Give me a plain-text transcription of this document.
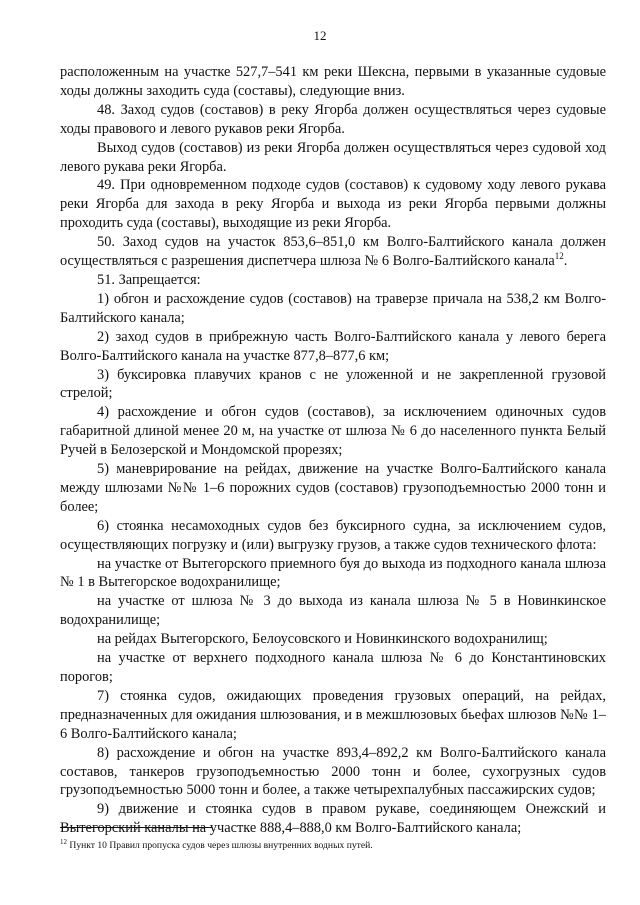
12

расположенным на участке 527,7–541 км реки Шексна, первыми в указанные судовые ходы должны заходить суда (составы), следующие вниз.

48. Заход судов (составов) в реку Ягорба должен осуществляться через судовые ходы правового и левого рукавов реки Ягорба.

Выход судов (составов) из реки Ягорба должен осуществляться через судовой ход левого рукава реки Ягорба.

49. При одновременном подходе судов (составов) к судовому ходу левого рукава реки Ягорба для захода в реку Ягорба и выхода из реки Ягорба первыми должны проходить суда (составы), выходящие из реки Ягорба.

50. Заход судов на участок 853,6–851,0 км Волго-Балтийского канала должен осуществляться с разрешения диспетчера шлюза № 6 Волго-Балтийского канала$^{12}$.

51. Запрещается:

1) обгон и расхождение судов (составов) на траверзе причала на 538,2 км Волго-Балтийского канала;

2) заход судов в прибрежную часть Волго-Балтийского канала у левого берега Волго-Балтийского канала на участке 877,8–877,6 км;

3) буксировка плавучих кранов с не уложенной и не закрепленной грузовой стрелой;

4) расхождение и обгон судов (составов), за исключением одиночных судов габаритной длиной менее 20 м, на участке от шлюза № 6 до населенного пункта Белый Ручей в Белозерской и Мондомской прорезях;

5) маневрирование на рейдах, движение на участке Волго-Балтийского канала между шлюзами №№ 1–6 порожних судов (составов) грузоподъемностью 2000 тонн и более;

6) стоянка несамоходных судов без буксирного судна, за исключением судов, осуществляющих погрузку и (или) выгрузку грузов, а также судов технического флота:

на участке от Вытегорского приемного буя до выхода из подходного канала шлюза № 1 в Вытегорское водохранилище;

на участке от шлюза № 3 до выхода из канала шлюза № 5 в Новинкинское водохранилище;

на рейдах Вытегорского, Белоусовского и Новинкинского водохранилищ;

на участке от верхнего подходного канала шлюза № 6 до Константиновских порогов;

7) стоянка судов, ожидающих проведения грузовых операций, на рейдах, предназначенных для ожидания шлюзования, и в межшлюзовых бьефах шлюзов №№ 1–6 Волго-Балтийского канала;

8) расхождение и обгон на участке 893,4–892,2 км Волго-Балтийского канала составов, танкеров грузоподъемностью 2000 тонн и более, сухогрузных судов грузоподъемностью 5000 тонн и более, а также четырехпалубных пассажирских судов;

9) движение и стоянка судов в правом рукаве, соединяющем Онежский и Вытегорский каналы на участке 888,4–888,0 км Волго-Балтийского канала;

$^{12}$ Пункт 10 Правил пропуска судов через шлюзы внутренних водных путей.
